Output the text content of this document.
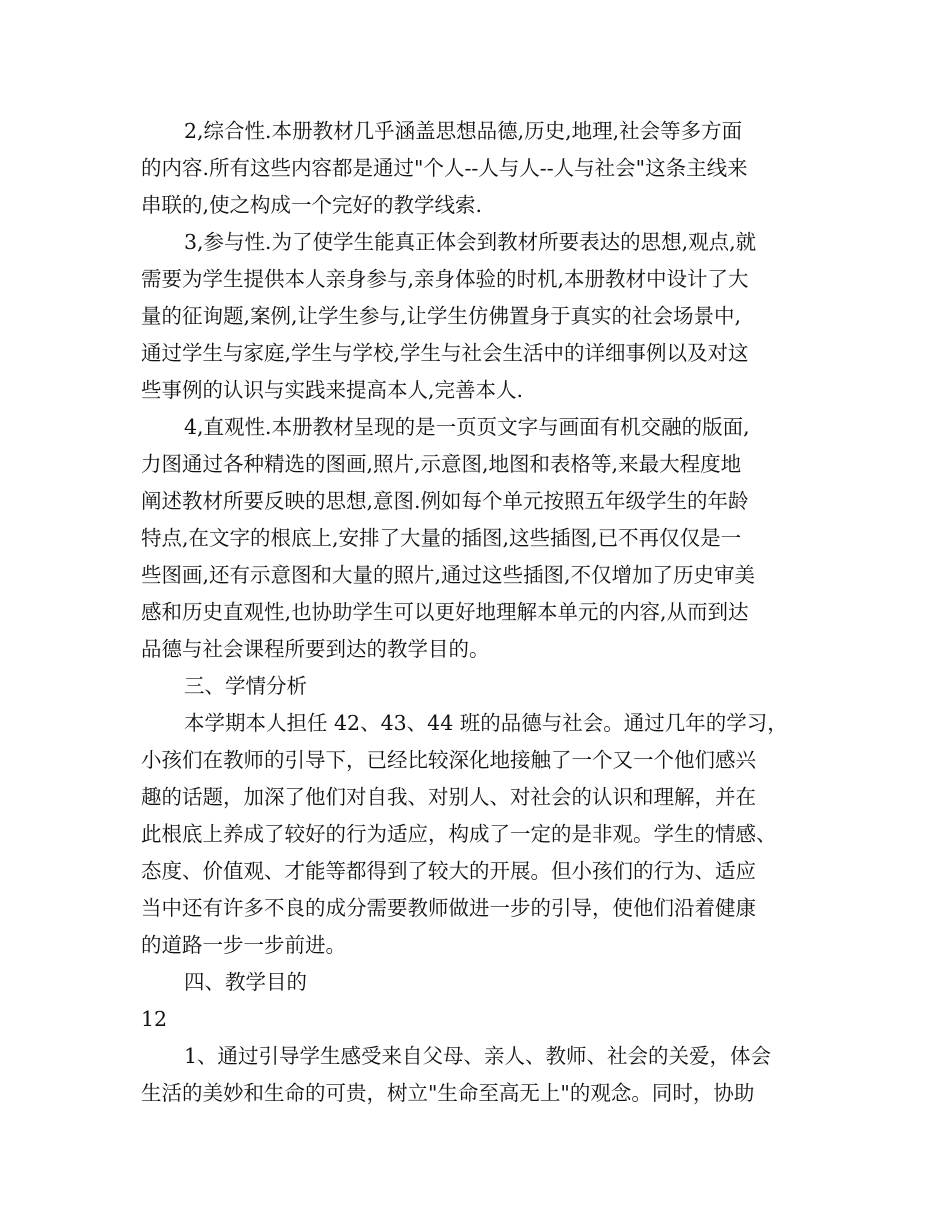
2,综合性.本册教材几乎涵盖思想品德,历史,地理,社会等多方面
的内容.所有这些内容都是通过"个人--人与人--人与社会"这条主线来
串联的,使之构成一个完好的教学线索.
3,参与性.为了使学生能真正体会到教材所要表达的思想,观点,就
需要为学生提供本人亲身参与,亲身体验的时机,本册教材中设计了大
量的征询题,案例,让学生参与,让学生仿佛置身于真实的社会场景中,
通过学生与家庭,学生与学校,学生与社会生活中的详细事例以及对这
些事例的认识与实践来提高本人,完善本人.
4,直观性.本册教材呈现的是一页页文字与画面有机交融的版面,
力图通过各种精选的图画,照片,示意图,地图和表格等,来最大程度地
阐述教材所要反映的思想,意图.例如每个单元按照五年级学生的年龄
特点,在文字的根底上,安排了大量的插图,这些插图,已不再仅仅是一
些图画,还有示意图和大量的照片,通过这些插图,不仅增加了历史审美
感和历史直观性,也协助学生可以更好地理解本单元的内容,从而到达
品德与社会课程所要到达的教学目的。
三、学情分析
本学期本人担任 42、43、44 班的品德与社会。通过几年的学习，
小孩们在教师的引导下，已经比较深化地接触了一个又一个他们感兴
趣的话题，加深了他们对自我、对别人、对社会的认识和理解，并在
此根底上养成了较好的行为适应，构成了一定的是非观。学生的情感、
态度、价值观、才能等都得到了较大的开展。但小孩们的行为、适应
当中还有许多不良的成分需要教师做进一步的引导，使他们沿着健康
的道路一步一步前进。
四、教学目的
12
1、通过引导学生感受来自父母、亲人、教师、社会的关爱，体会
生活的美妙和生命的可贵，树立"生命至高无上"的观念。同时，协助
